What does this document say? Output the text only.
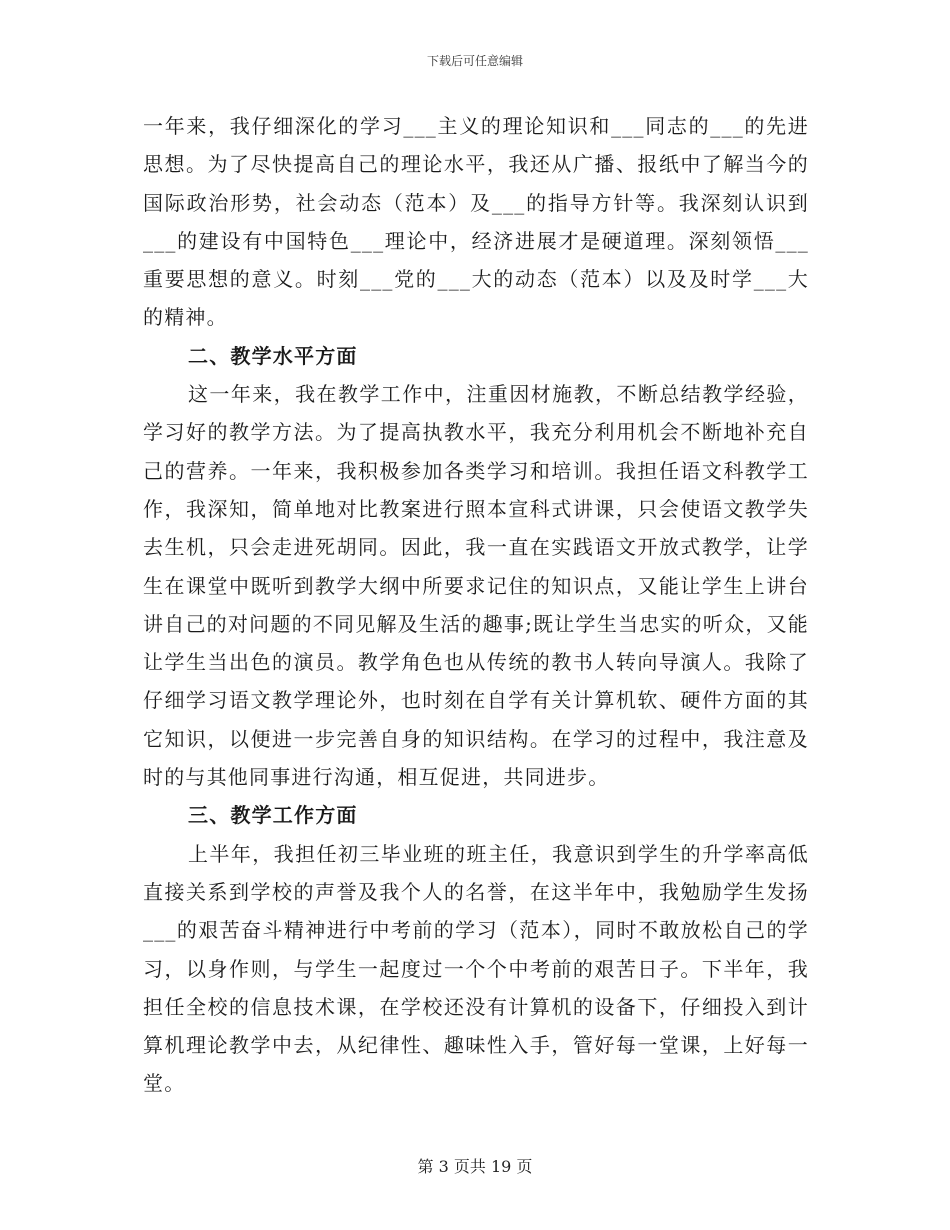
下载后可任意编辑

一年来，我仔细深化的学习___主义的理论知识和___同志的___的先进思想。为了尽快提高自己的理论水平，我还从广播、报纸中了解当今的国际政治形势，社会动态（范本）及___的指导方针等。我深刻认识到___的建设有中国特色___理论中，经济进展才是硬道理。深刻领悟___重要思想的意义。时刻___党的___大的动态（范本）以及及时学___大的精神。

二、教学水平方面

这一年来，我在教学工作中，注重因材施教，不断总结教学经验，学习好的教学方法。为了提高执教水平，我充分利用机会不断地补充自己的营养。一年来，我积极参加各类学习和培训。我担任语文科教学工作，我深知，简单地对比教案进行照本宣科式讲课，只会使语文教学失去生机，只会走进死胡同。因此，我一直在实践语文开放式教学，让学生在课堂中既听到教学大纲中所要求记住的知识点，又能让学生上讲台讲自己的对问题的不同见解及生活的趣事;既让学生当忠实的听众，又能让学生当出色的演员。教学角色也从传统的教书人转向导演人。我除了仔细学习语文教学理论外，也时刻在自学有关计算机软、硬件方面的其它知识，以便进一步完善自身的知识结构。在学习的过程中，我注意及时的与其他同事进行沟通，相互促进，共同进步。

三、教学工作方面

上半年，我担任初三毕业班的班主任，我意识到学生的升学率高低直接关系到学校的声誉及我个人的名誉，在这半年中，我勉励学生发扬___的艰苦奋斗精神进行中考前的学习（范本），同时不敢放松自己的学习，以身作则，与学生一起度过一个个中考前的艰苦日子。下半年，我担任全校的信息技术课，在学校还没有计算机的设备下，仔细投入到计算机理论教学中去，从纪律性、趣味性入手，管好每一堂课，上好每一堂。

第 3 页共 19 页
